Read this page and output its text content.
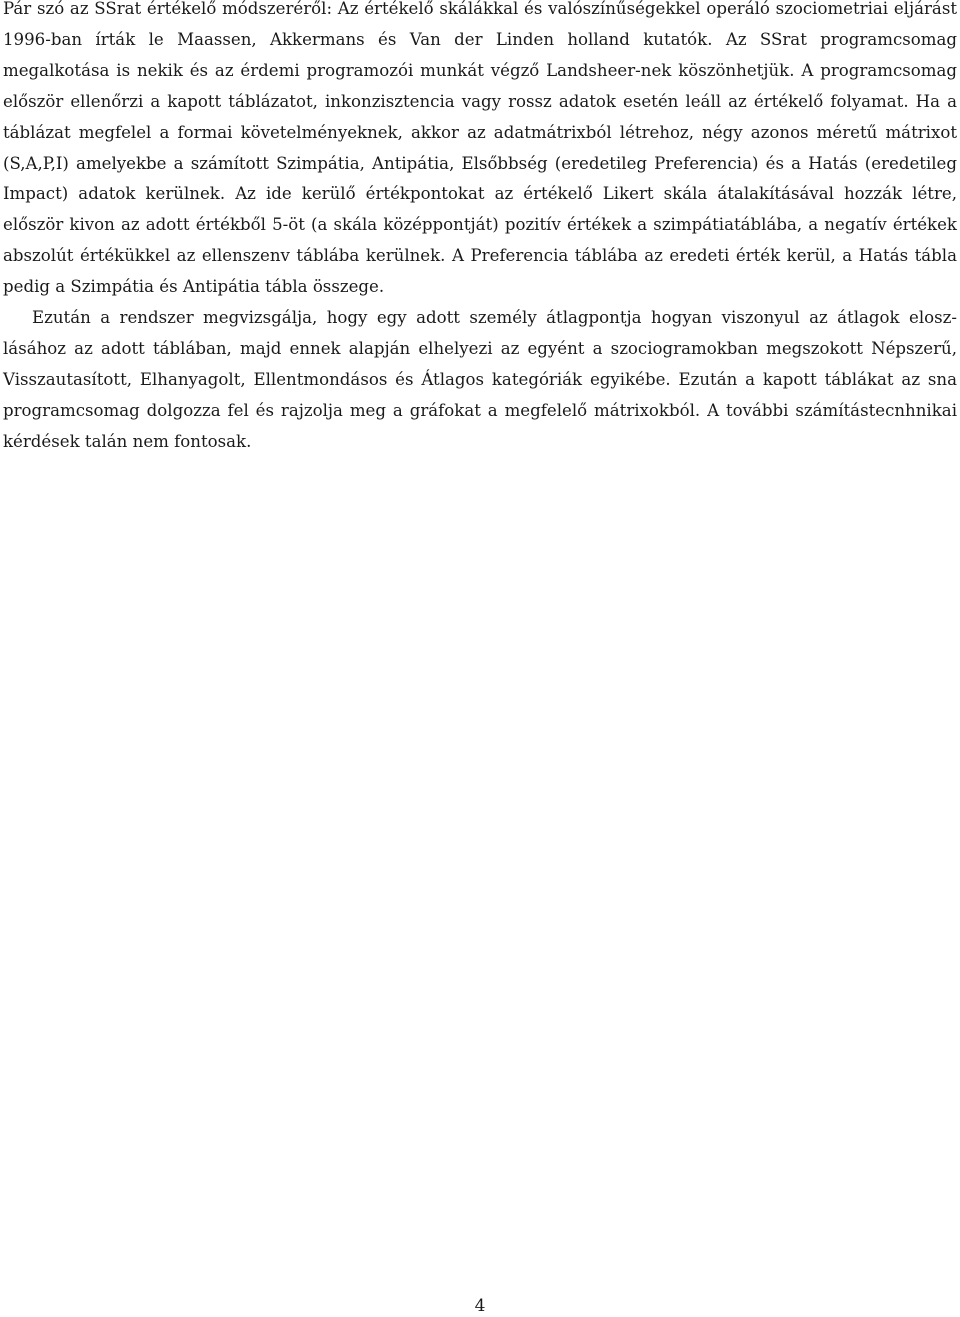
Pár szó az SSrat értékelő módszeréről: Az értékelő skálákkal és valószínűségekkel operáló szociometriai eljárást 1996-ban írták le Maassen, Akkermans és Van der Linden holland kutatók. Az SSrat programcsomag megalkotása is nekik és az érdemi programozói munkát végző Landsheer-nek köszönhetjük. A programcsomag először ellenőrzi a kapott táblázatot, inkonzisztencia vagy rossz adatok esetén leáll az értékelő folyamat. Ha a táblázat megfelel a formai követelményeknek, akkor az adatmátrixból létrehoz, négy azonos méretű mátrixot (S,A,P,I) amelyekbe a számított Szimpátia, Antipátia, Elsőbbség (eredetileg Preferencia) és a Hatás (eredetileg Impact) adatok kerülnek. Az ide kerülő értékpontokat az értékelő Likert skála átalakításával hozzák létre, először kivon az adott értékből 5-öt (a skála középpontját) pozitív értékek a szimpátiatáblába, a negatív értékek abszolút értékükkel az ellenszenv táblába kerülnek. A Preferencia táblába az eredeti érték kerül, a Hatás tábla pedig a Szimpátia és Antipátia tábla összege.

Ezután a rendszer megvizsgálja, hogy egy adott személy átlagpontja hogyan viszonyul az átlagok eloszlásához az adott táblában, majd ennek alapján elhelyezi az egyént a szociogramokban megszokott Népszerű, Visszautasított, Elhanyagolt, Ellentmondásos és Átlagos kategóriák egyikébe. Ezután a kapott táblákat az sna programcsomag dolgozza fel és rajzolja meg a gráfokat a megfelelő mátrixokból. A további számítástecnhnikai kérdések talán nem fontosak.

4
